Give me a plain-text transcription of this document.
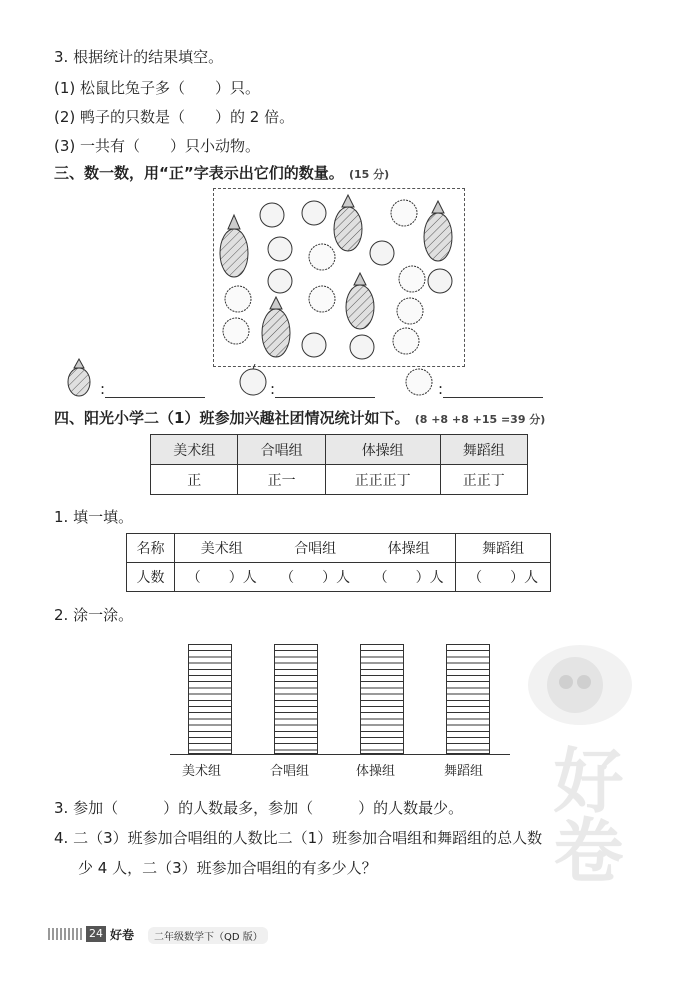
3. 根据统计的结果填空。
(1) 松鼠比兔子多（　　）只。
(2) 鸭子的只数是（　　）的 2 倍。
(3) 一共有（　　）只小动物。
三、数一数，用“正”字表示出它们的数量。 (15 分)
:	:	:
四、阳光小学二（1）班参加兴趣社团情况统计如下。 (8 +8 +8 +15 =39 分)
美术组	合唱组	体操组	舞蹈组
正	正一	正正正丁	正正丁
1. 填一填。
名称	美术组	合唱组	体操组	舞蹈组
人数	（　　）人	（　　）人	（　　）人	（　　）人
2. 涂一涂。
美术组	合唱组	体操组	舞蹈组
3. 参加（　　　）的人数最多，参加（　　　）的人数最少。
4. 二（3）班参加合唱组的人数比二（1）班参加合唱组和舞蹈组的总人数
少 4 人，二（3）班参加合唱组的有多少人？ 好卷
24 好卷	二年级数学下（QD 版）
